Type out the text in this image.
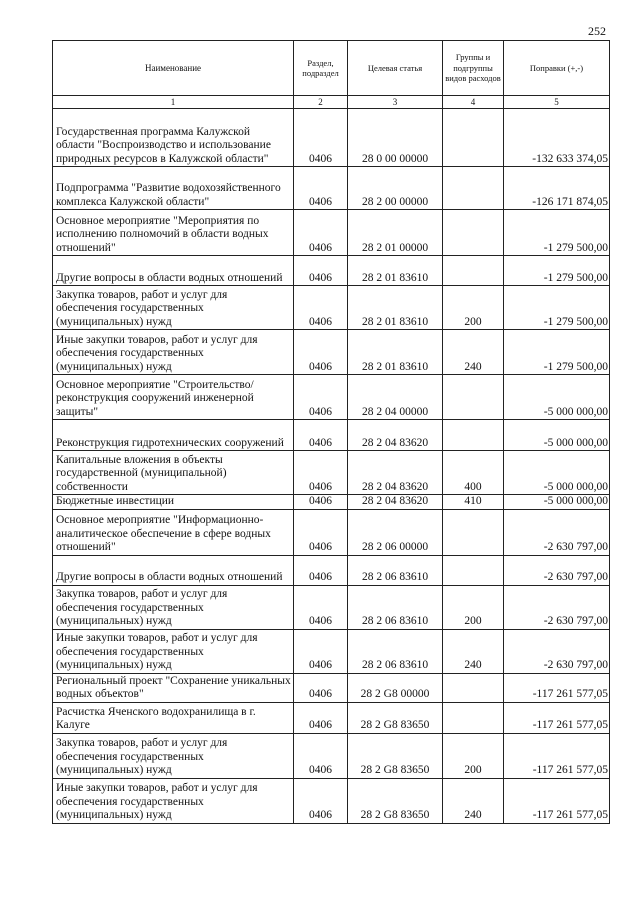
252
Наименование	Раздел, подраздел	Целевая статья	Группы и подгруппы видов расходов	Поправки (+,-)
1	2	3	4	5
Государственная программа Калужской области "Воспроизводство и использование природных ресурсов в Калужской области"	0406	28 0 00 00000		-132 633 374,05
Подпрограмма "Развитие водохозяйственного комплекса Калужской области"	0406	28 2 00 00000		-126 171 874,05
Основное мероприятие "Мероприятия по исполнению полномочий в области водных отношений"	0406	28 2 01 00000		-1 279 500,00
Другие вопросы в области водных отношений	0406	28 2 01 83610		-1 279 500,00
Закупка товаров, работ и услуг для обеспечения государственных (муниципальных) нужд	0406	28 2 01 83610	200	-1 279 500,00
Иные закупки товаров, работ и услуг для обеспечения государственных (муниципальных) нужд	0406	28 2 01 83610	240	-1 279 500,00
Основное мероприятие "Строительство/реконструкция сооружений инженерной защиты"	0406	28 2 04 00000		-5 000 000,00
Реконструкция гидротехнических сооружений	0406	28 2 04 83620		-5 000 000,00
Капитальные вложения в объекты государственной (муниципальной) собственности	0406	28 2 04 83620	400	-5 000 000,00
Бюджетные инвестиции	0406	28 2 04 83620	410	-5 000 000,00
Основное мероприятие "Информационно-аналитическое обеспечение в сфере водных отношений"	0406	28 2 06 00000		-2 630 797,00
Другие вопросы в области водных отношений	0406	28 2 06 83610		-2 630 797,00
Закупка товаров, работ и услуг для обеспечения государственных (муниципальных) нужд	0406	28 2 06 83610	200	-2 630 797,00
Иные закупки товаров, работ и услуг для обеспечения государственных (муниципальных) нужд	0406	28 2 06 83610	240	-2 630 797,00
Региональный проект "Сохранение уникальных водных объектов"	0406	28 2 G8 00000		-117 261 577,05
Расчистка Яченского водохранилища в г. Калуге	0406	28 2 G8 83650		-117 261 577,05
Закупка товаров, работ и услуг для обеспечения государственных (муниципальных) нужд	0406	28 2 G8 83650	200	-117 261 577,05
Иные закупки товаров, работ и услуг для обеспечения государственных (муниципальных) нужд	0406	28 2 G8 83650	240	-117 261 577,05
